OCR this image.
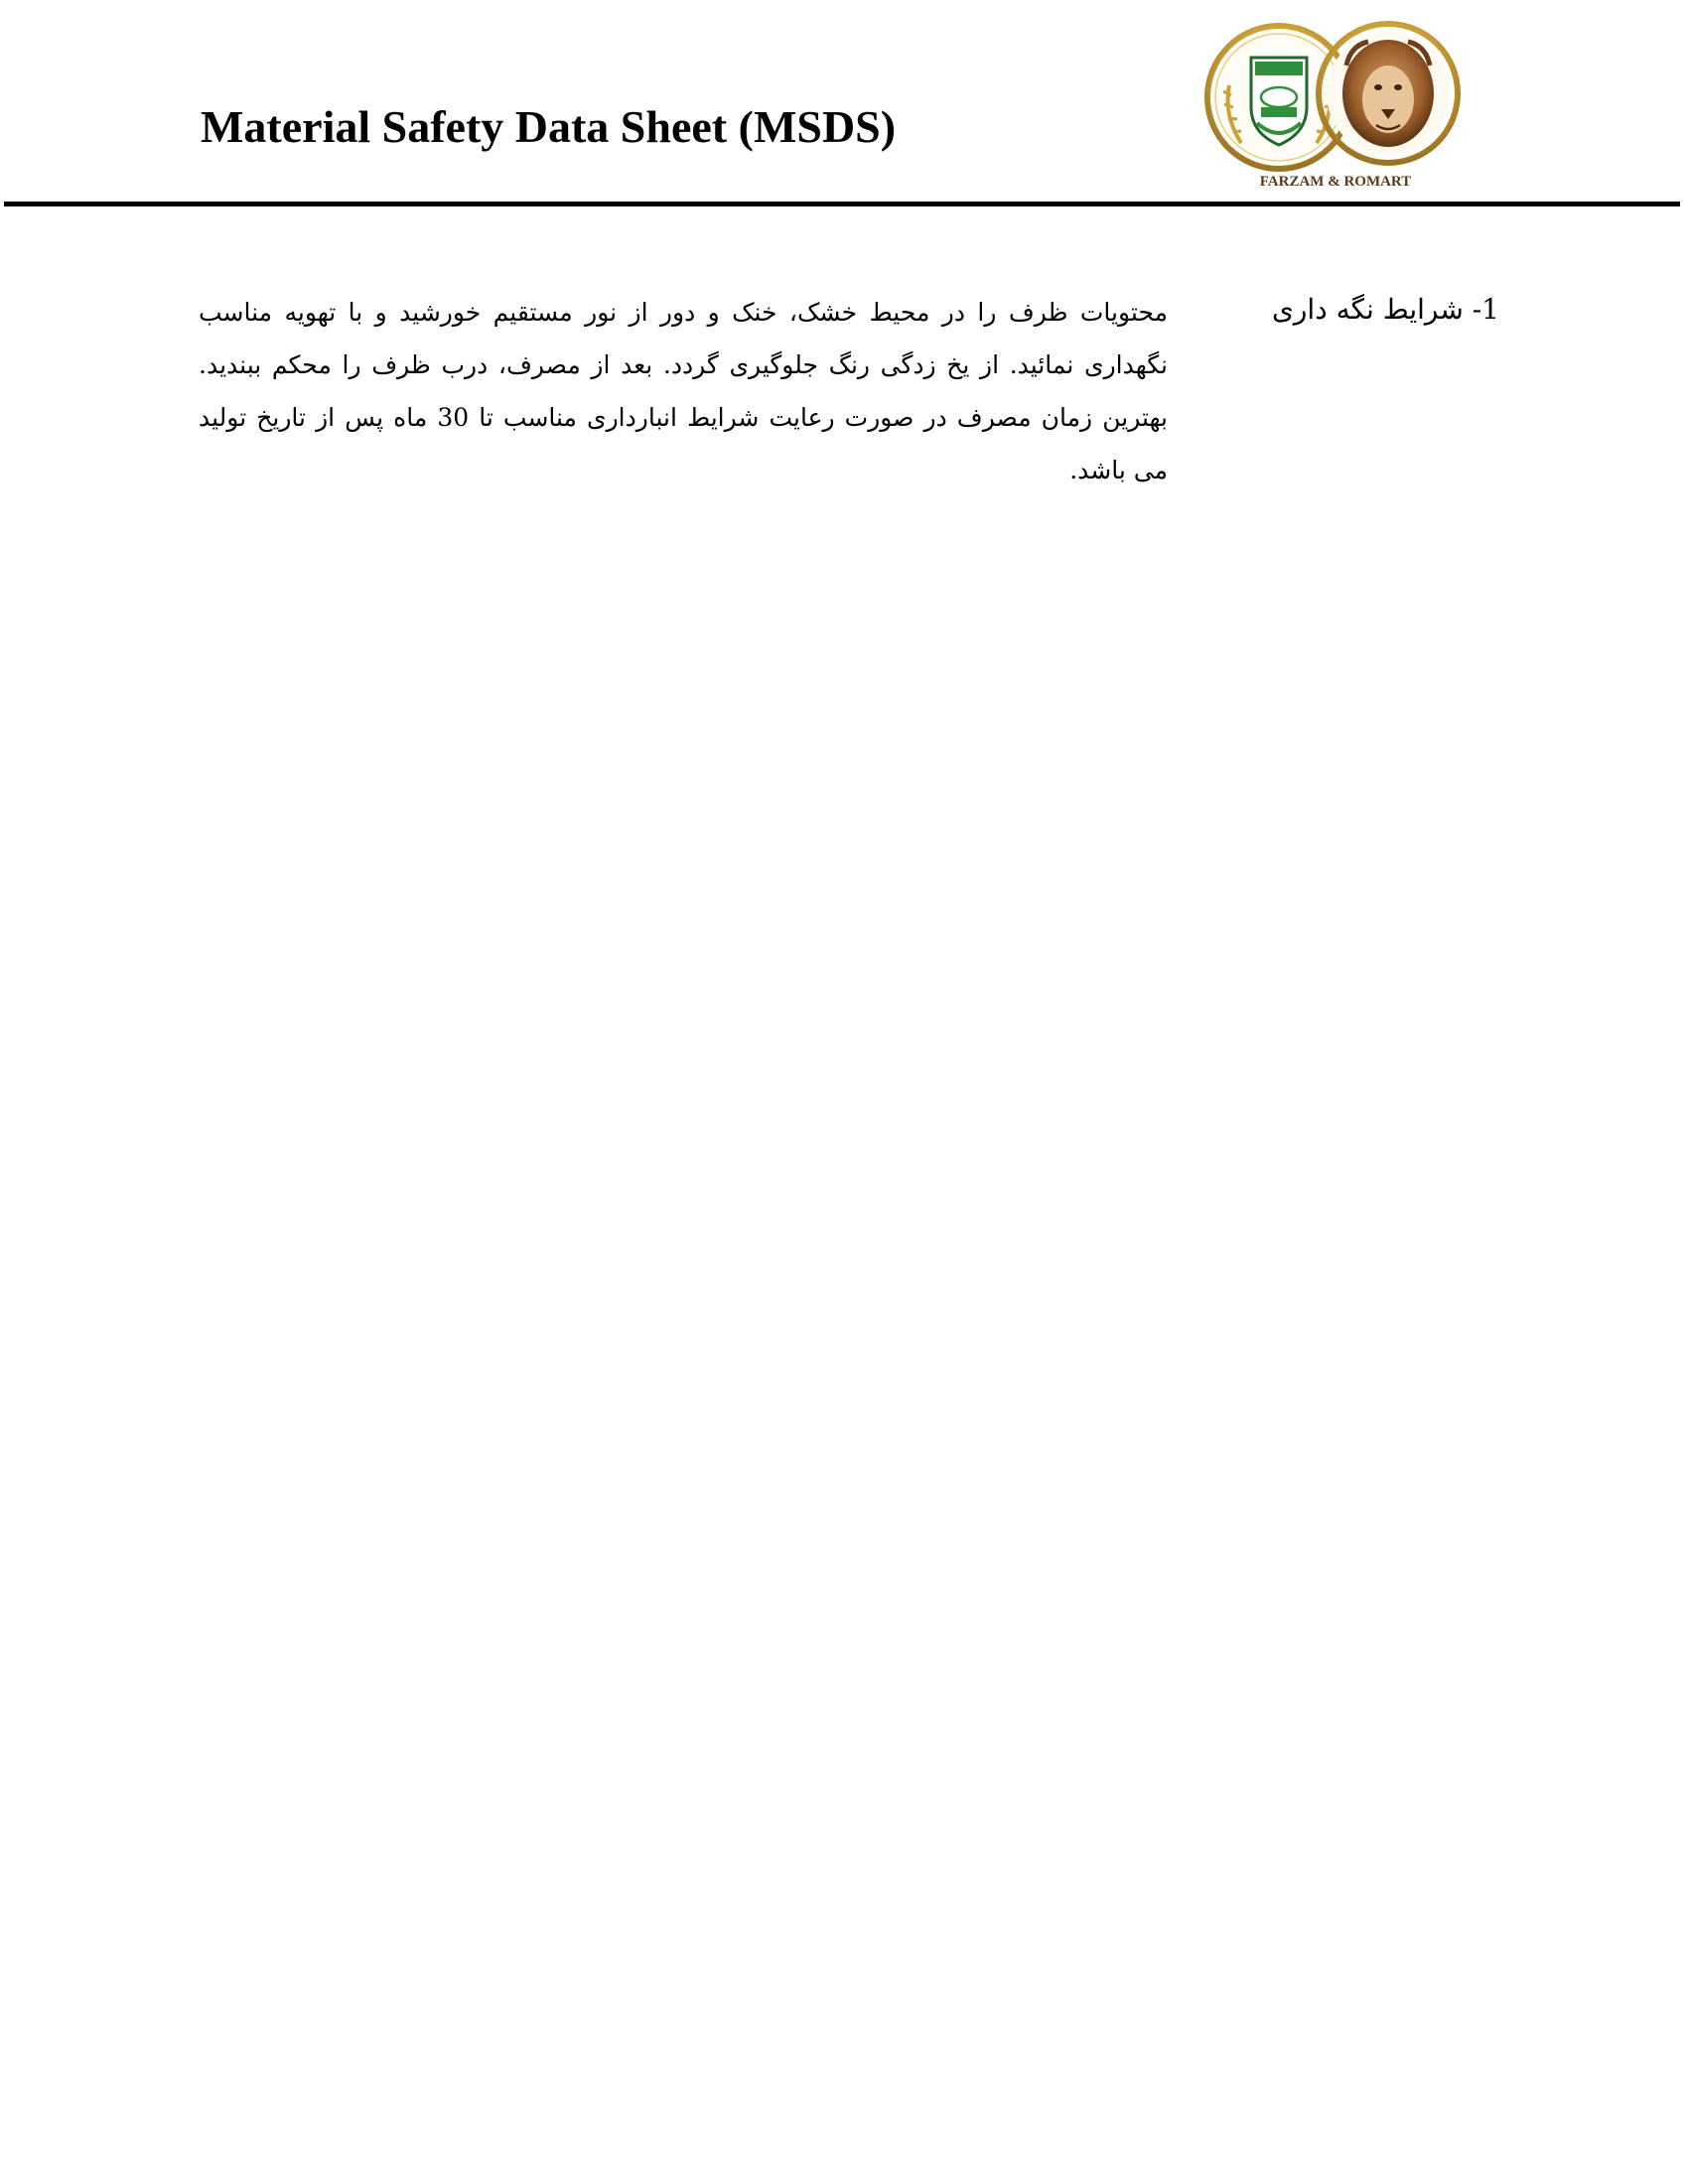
Material Safety Data Sheet (MSDS)
FARZAM & ROMART
1- شرایط نگه داری
محتویات ظرف را در محیط خشک، خنک و دور از نور مستقیم خورشید و با تهویه مناسب نگهداری نمائید. از یخ زدگی رنگ جلوگیری گردد. بعد از مصرف، درب ظرف را محکم ببندید. بهترین زمان مصرف در صورت رعایت شرایط انبارداری مناسب تا 30 ماه پس از تاریخ تولید می باشد.
